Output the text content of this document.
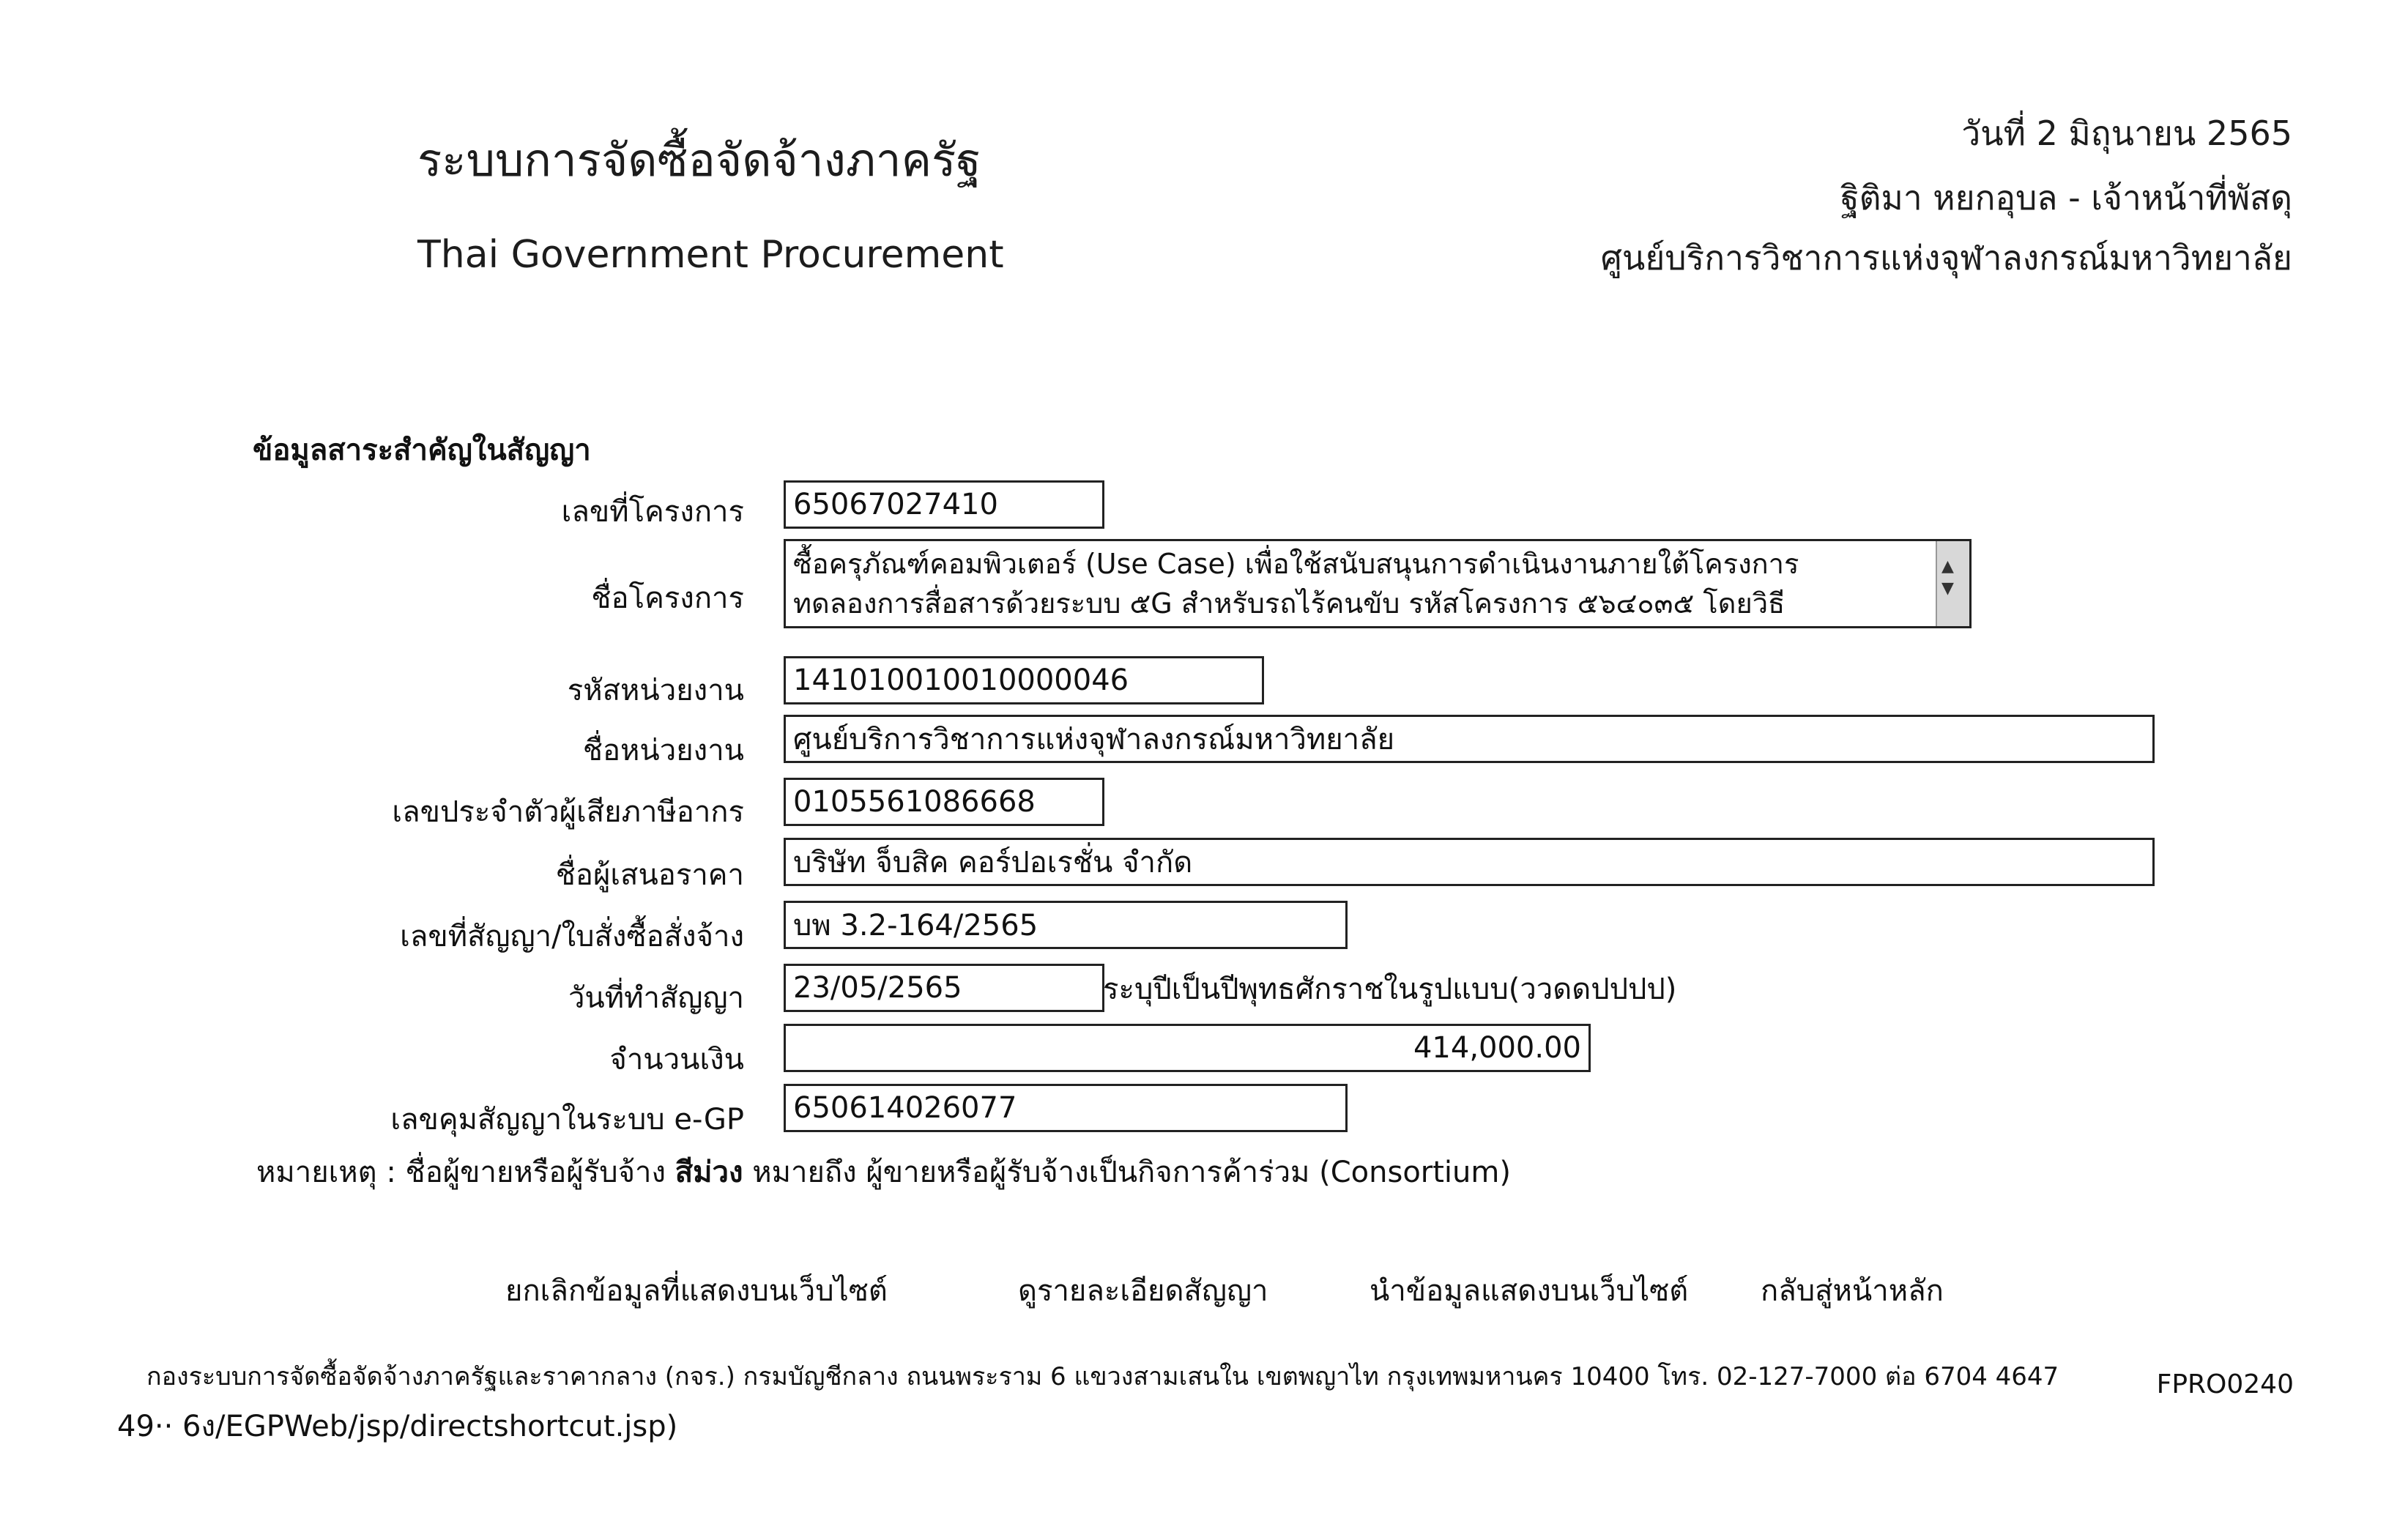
ระบบการจัดซื้อจัดจ้างภาครัฐ
Thai Government Procurement
วันที่ 2 มิถุนายน 2565
ฐิติมา หยกอุบล - เจ้าหน้าที่พัสดุ
ศูนย์บริการวิชาการแห่งจุฬาลงกรณ์มหาวิทยาลัย
ข้อมูลสาระสำคัญในสัญญา
เลขที่โครงการ	65067027410
ชื่อโครงการ
ซื้อครุภัณฑ์คอมพิวเตอร์ (Use Case) เพื่อใช้สนับสนุนการดำเนินงานภายใต้โครงการ
ทดลองการสื่อสารด้วยระบบ ๕G สำหรับรถไร้คนขับ รหัสโครงการ ๕๖๔๐๓๕ โดยวิธี
▲
▼
รหัสหน่วยงาน	141010010010000046
ชื่อหน่วยงาน	ศูนย์บริการวิชาการแห่งจุฬาลงกรณ์มหาวิทยาลัย
เลขประจำตัวผู้เสียภาษีอากร	0105561086668
ชื่อผู้เสนอราคา	บริษัท จ็บสิค คอร์ปอเรชั่น จำกัด
เลขที่สัญญา/ใบสั่งซื้อสั่งจ้าง	บพ 3.2-164/2565
วันที่ทำสัญญา	23/05/2565	ระบุปีเป็นปีพุทธศักราชในรูปแบบ(ววดดปปปป)
จำนวนเงิน	414,000.00
เลขคุมสัญญาในระบบ e-GP	650614026077
หมายเหตุ : ชื่อผู้ขายหรือผู้รับจ้าง สีม่วง หมายถึง ผู้ขายหรือผู้รับจ้างเป็นกิจการค้าร่วม (Consortium)
ยกเลิกข้อมูลที่แสดงบนเว็บไซต์	ดูรายละเอียดสัญญา	นำข้อมูลแสดงบนเว็บไซต์ กลับสู่หน้าหลัก
กองระบบการจัดซื้อจัดจ้างภาครัฐและราคากลาง (กจร.) กรมบัญชีกลาง ถนนพระราม 6 แขวงสามเสนใน เขตพญาไท กรุงเทพมหานคร 10400 โทร. 02-127-7000 ต่อ 6704 4647	FPRO0240
49·· 6ง/EGPWeb/jsp/directshortcut.jsp)
